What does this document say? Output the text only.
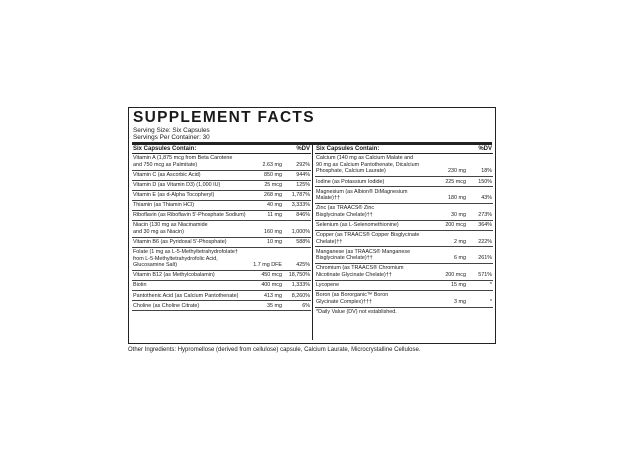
SUPPLEMENT FACTS
Serving Size: Six Capsules
Servings Per Container: 30
Six Capsules Contain:	%DV
Vitamin A (1,875 mcg from Beta Carotene
and 750 mcg as Palmitate)	2.63 mg	292%
Vitamin C (as Ascorbic Acid)	850 mg	944%
Vitamin D (as Vitamin D3) (1,000 IU)	25 mcg	125%
Vitamin E (as d-Alpha Tocopheryl)	268 mg	1,787%
Thiamin (as Thiamin HCl)	40 mg	3,333%
Riboflavin (as Riboflavin 5'-Phosphate Sodium)	11 mg	846%
Niacin (130 mg as Niacinamide
and 30 mg as Niacin)	160 mg	1,000%
Vitamin B6 (as Pyridoxal 5'-Phosphate)	10 mg	588%
Folate (1 mg as L-5-Methyltetrahydrofolate†
from L-5-Methyltetrahydrofolic Acid,
Glucosamine Salt)	1.7 mg DFE	425%
Vitamin B12 (as Methylcobalamin)	450 mcg	18,750%
Biotin	400 mcg	1,333%
Pantothenic Acid (as Calcium Pantothenate)	413 mg	8,260%
Choline (as Choline Citrate)	35 mg	6%
Six Capsules Contain:	%DV
Calcium (140 mg as Calcium Malate and
90 mg as Calcium Pantothenate, Dicalcium
Phosphate, Calcium Laurate)	230 mg	18%
Iodine (as Potassium Iodide)	225 mcg	150%
Magnesium (as Albion® DiMagnesium
Malate)††	180 mg	43%
Zinc (as TRAACS® Zinc
Bisglycinate Chelate)††	30 mg	273%
Selenium (as L-Selenomethionine)	200 mcg	364%
Copper (as TRAACS® Copper Bisglycinate
Chelate)††	2 mg	222%
Manganese (as TRAACS® Manganese
Bisglycinate Chelate)††	6 mg	261%
Chromium (as TRAACS® Chromium
Nicotinate Glycinate Chelate)††	200 mcg	571%
Lycopene	15 mg	*
Boron (as Bororganic™ Boron
Glycinate Complex)†††	3 mg	*
*Daily Value (DV) not established.
Other Ingredients: Hypromellose (derived from cellulose) capsule, Calcium Laurate, Microcrystalline Cellulose.
